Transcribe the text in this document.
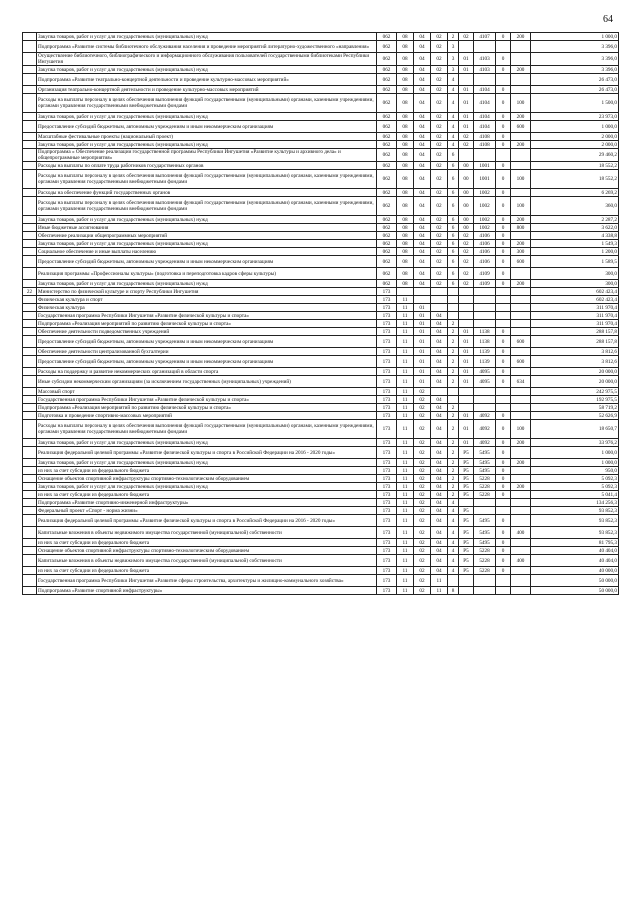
64
	Закупка товаров, работ и услуг для государственных (муниципальных) нужд	062	08	04	02	2	02	4107	0	200	1 000,0
	Подпрограмма «Развитие системы библиотечного обслуживания населения и проведение мероприятий литературно-художественного «направления»	062	08	04	02	3					3 396,0
	Осуществление библиотечного, библиографического и информационного обслуживания пользователей государственными библиотеками Республики Ингушетия	062	08	04	02	3	01	4103	0		3 396,0
	Закупка товаров, работ и услуг для государственных (муниципальных) нужд	062	08	04	02	3	01	4103	0	200	3 396,0
	Подпрограмма «Развитие театрально-концертной деятельности и проведение культурно-массовых мероприятий»	062	08	04	02	4					26 473,0
	Организация театрально-концертной деятельности и проведение культурно-массовых мероприятий	062	08	04	02	4	01	4104	0		26 473,0
	Расходы на выплаты персоналу в целях обеспечения выполнения функций государственными (муниципальными) органами, казенными учреждениями, органами управления государственными внебюджетными фондами	062	08	04	02	4	01	4104	0	100	1 500,0
	Закупка товаров, работ и услуг для государственных (муниципальных) нужд	062	08	04	02	4	01	4104	0	200	23 973,0
	Предоставление субсидий бюджетным, автономным учреждениям и иным некоммерческим организациям	062	08	04	02	4	01	4104	0	600	1 000,0
	Масштабные фестивальные проекты (национальный проект)	062	08	04	02	4	02	4108	0		2 000,0
	Закупка товаров, работ и услуг для государственных (муниципальных) нужд	062	08	04	02	4	02	4108	0	200	2 000,0
	Подпрограмма « Обеспечение реализации государственной программы Республики Ингушетия «Развитие культуры и архивного дела» и общепрограммные мероприятия»	062	08	04	02	6					29 460,2
	Расходы на выплаты по оплате труда работников государственных органов	062	08	04	02	6	00	1001	0		18 552,2
	Расходы на выплаты персоналу в целях обеспечения выполнения функций государственными (муниципальными) органами, казенными учреждениями, органами управления государственными внебюджетными фондами	062	08	04	02	6	00	1001	0	100	18 552,2
	Расходы на обеспечение функций государственных органов	062	08	04	02	6	00	1002	0		6 269,2
	Расходы на выплаты персоналу в целях обеспечения выполнения функций государственными (муниципальными) органами, казенными учреждениями, органами управления государственными внебюджетными фондами	062	08	04	02	6	00	1002	0	100	360,0
	Закупка товаров, работ и услуг для государственных (муниципальных) нужд	062	08	04	02	6	00	1002	0	200	2 287,2
	Иные бюджетные ассигнования	062	08	04	02	6	00	1002	0	800	3 622,0
	Обеспечение реализации общепрограммных мероприятий	062	08	04	02	6	02	4106	0		4 338,8
	Закупка товаров, работ и услуг для государственных (муниципальных) нужд	062	08	04	02	6	02	4106	0	200	1 549,3
	Социальное обеспечение и иные выплаты населению	062	08	04	02	6	02	4106	0	300	1 200,0
	Предоставление субсидий бюджетным, автономным учреждениям и иным некоммерческим организациям	062	08	04	02	6	02	4106	0	600	1 589,5
	Реализация программы «Профессионалы культуры» (подготовка и переподготовка кадров сферы культуры)	062	08	04	02	6	02	4109	0		300,0
	Закупка товаров, работ и услуг для государственных (муниципальных) нужд	062	08	04	02	6	02	4109	0	200	300,0
22	Министерство по физической культуре и спорту Республики Ингушетия	173									602 423,4
	Физическая культура и спорт	173	11								602 423,4
	Физическая культура	173	11	01							311 970,4
	Государственная программа Республики Ингушетия «Развитие физической культуры и спорта»	173	11	01	04						311 970,4
	Подпрограмма «Реализация мероприятий по развитию физической культуры и спорта»	173	11	01	04	2					311 970,4
	Обеспечение деятельности подведомственных учреждений	173	11	01	04	2	01	1138	0		288 157,8
	Предоставление субсидий бюджетным, автономным учреждениям и иным некоммерческим организациям	173	11	01	04	2	01	1138	0	600	288 157,8
	Обеспечение деятельности централизованной бухгалтерии	173	11	01	04	2	01	1139	0		3 812,6
	Предоставление субсидий бюджетным, автономным учреждениям и иным некоммерческим организациям	173	11	01	04	2	01	1139	0	600	3 812,6
	Расходы на поддержку и развитие некоммерческих организаций в области спорта	173	11	01	04	2	01	4095	0		20 000,0
	Иные субсидии некоммерческим организациям (за исключением государственных (муниципальных) учреждений)	173	11	01	04	2	01	4095	0	634	20 000,0
	Массовый спорт	173	11	02							242 975,5
	Государственная программа Республики Ингушетия «Развитие физической культуры и спорта»	173	11	02	04						192 975,5
	Подпрограмма «Реализация мероприятий по развитию физической культуры и спорта»	173	11	02	04	2					58 719,2
	Подготовка и проведение спортивно-массовых мероприятий	173	11	02	04	2	01	4092	0		52 626,9
	Расходы на выплаты персоналу в целях обеспечения выполнения функций государственными (муниципальными) органами, казенными учреждениями, органами управления государственными внебюджетными фондами	173	11	02	04	2	01	4092	0	100	18 650,7
	Закупка товаров, работ и услуг для государственных (муниципальных) нужд	173	11	02	04	2	01	4092	0	200	33 976,2
	Реализация федеральной целевой программы «Развитие физической культуры и спорта в Российской Федерации на 2016 - 2020 годы»	173	11	02	04	2	P5	5495	0		1 000,0
	Закупка товаров, работ и услуг для государственных (муниципальных) нужд	173	11	02	04	2	P5	5495	0	200	1 000,0
	из них за счет субсидии из федерального бюджета	173	11	02	04	2	P5	5495	0		950,0
	Оснащение объектов спортивной инфраструктуры спортивно-технологическим оборудованием	173	11	02	04	2	P5	5228	0		5 092,3
	Закупка товаров, работ и услуг для государственных (муниципальных) нужд	173	11	02	04	2	P5	5228	0	200	5 092,3
	из них за счет субсидии из федерального бюджета	173	11	02	04	2	P5	5228	0		5 041,4
	Подпрограмма «Развитие спортивно-инженерной инфраструктуры»	173	11	02	04	4					134 256,3
	Федеральный проект «Спорт - норма жизни»	173	11	02	04	4	P5				93 852,3
	Реализация федеральной целевой программы «Развитие физической культуры и спорта в Российской Федерации на 2016 - 2020 годы»	173	11	02	04	4	P5	5495	0		93 852,3
	Капитальные вложения в объекты недвижимого имущества государственной (муниципальной) собственности	173	11	02	04	4	P5	5495	0	400	93 852,3
	из них за счет субсидии из федерального бюджета	173	11	02	04	4	P5	5495	0		81 795,3
	Оснащение объектов спортивной инфраструктуры спортивно-технологическим оборудованием	173	11	02	04	4	P5	5228	0		40 404,0
	Капитальные вложения в объекты недвижимого имущества государственной (муниципальной) собственности	173	11	02	04	4	P5	5228	0	400	40 404,0
	из них за счет субсидии из федерального бюджета	173	11	02	04	4	P5	5228	0		40 000,0
	Государственная программа Республики Ингушетия «Развитие сферы строительства, архитектуры и жилищно-коммунального хозяйства»	173	11	02	11						50 000,0
	Подпрограмма «Развитие спортивной инфраструктуры»	173	11	02	11	8					50 000,0
